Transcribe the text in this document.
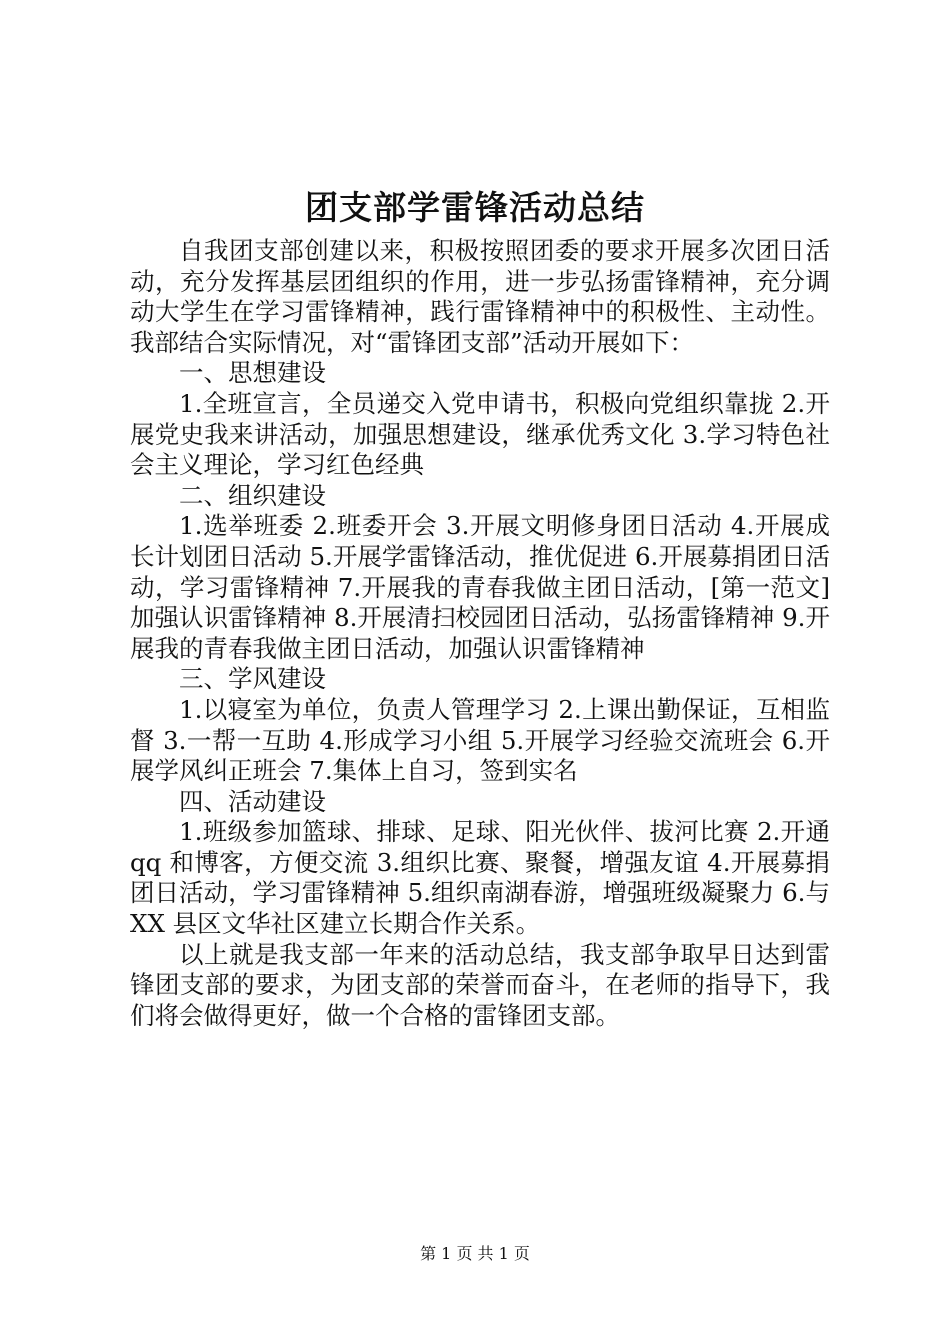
团支部学雷锋活动总结

自我团支部创建以来，积极按照团委的要求开展多次团日活动，充分发挥基层团组织的作用，进一步弘扬雷锋精神，充分调动大学生在学习雷锋精神，践行雷锋精神中的积极性、主动性。我部结合实际情况，对“雷锋团支部”活动开展如下：

一、思想建设

1.全班宣言，全员递交入党申请书，积极向党组织靠拢 2.开展党史我来讲活动，加强思想建设，继承优秀文化 3.学习特色社会主义理论，学习红色经典

二、组织建设

1.选举班委 2.班委开会 3.开展文明修身团日活动 4.开展成长计划团日活动 5.开展学雷锋活动，推优促进 6.开展募捐团日活动，学习雷锋精神 7.开展我的青春我做主团日活动，[第一范文]加强认识雷锋精神 8.开展清扫校园团日活动，弘扬雷锋精神 9.开展我的青春我做主团日活动，加强认识雷锋精神

三、学风建设

1.以寝室为单位，负责人管理学习 2.上课出勤保证，互相监督 3.一帮一互助 4.形成学习小组 5.开展学习经验交流班会 6.开展学风纠正班会 7.集体上自习，签到实名

四、活动建设

1.班级参加篮球、排球、足球、阳光伙伴、拔河比赛 2.开通 qq 和博客，方便交流 3.组织比赛、聚餐，增强友谊 4.开展募捐团日活动，学习雷锋精神 5.组织南湖春游，增强班级凝聚力 6.与 XX 县区文华社区建立长期合作关系。

以上就是我支部一年来的活动总结，我支部争取早日达到雷锋团支部的要求，为团支部的荣誉而奋斗，在老师的指导下，我们将会做得更好，做一个合格的雷锋团支部。

第 1 页 共 1 页
